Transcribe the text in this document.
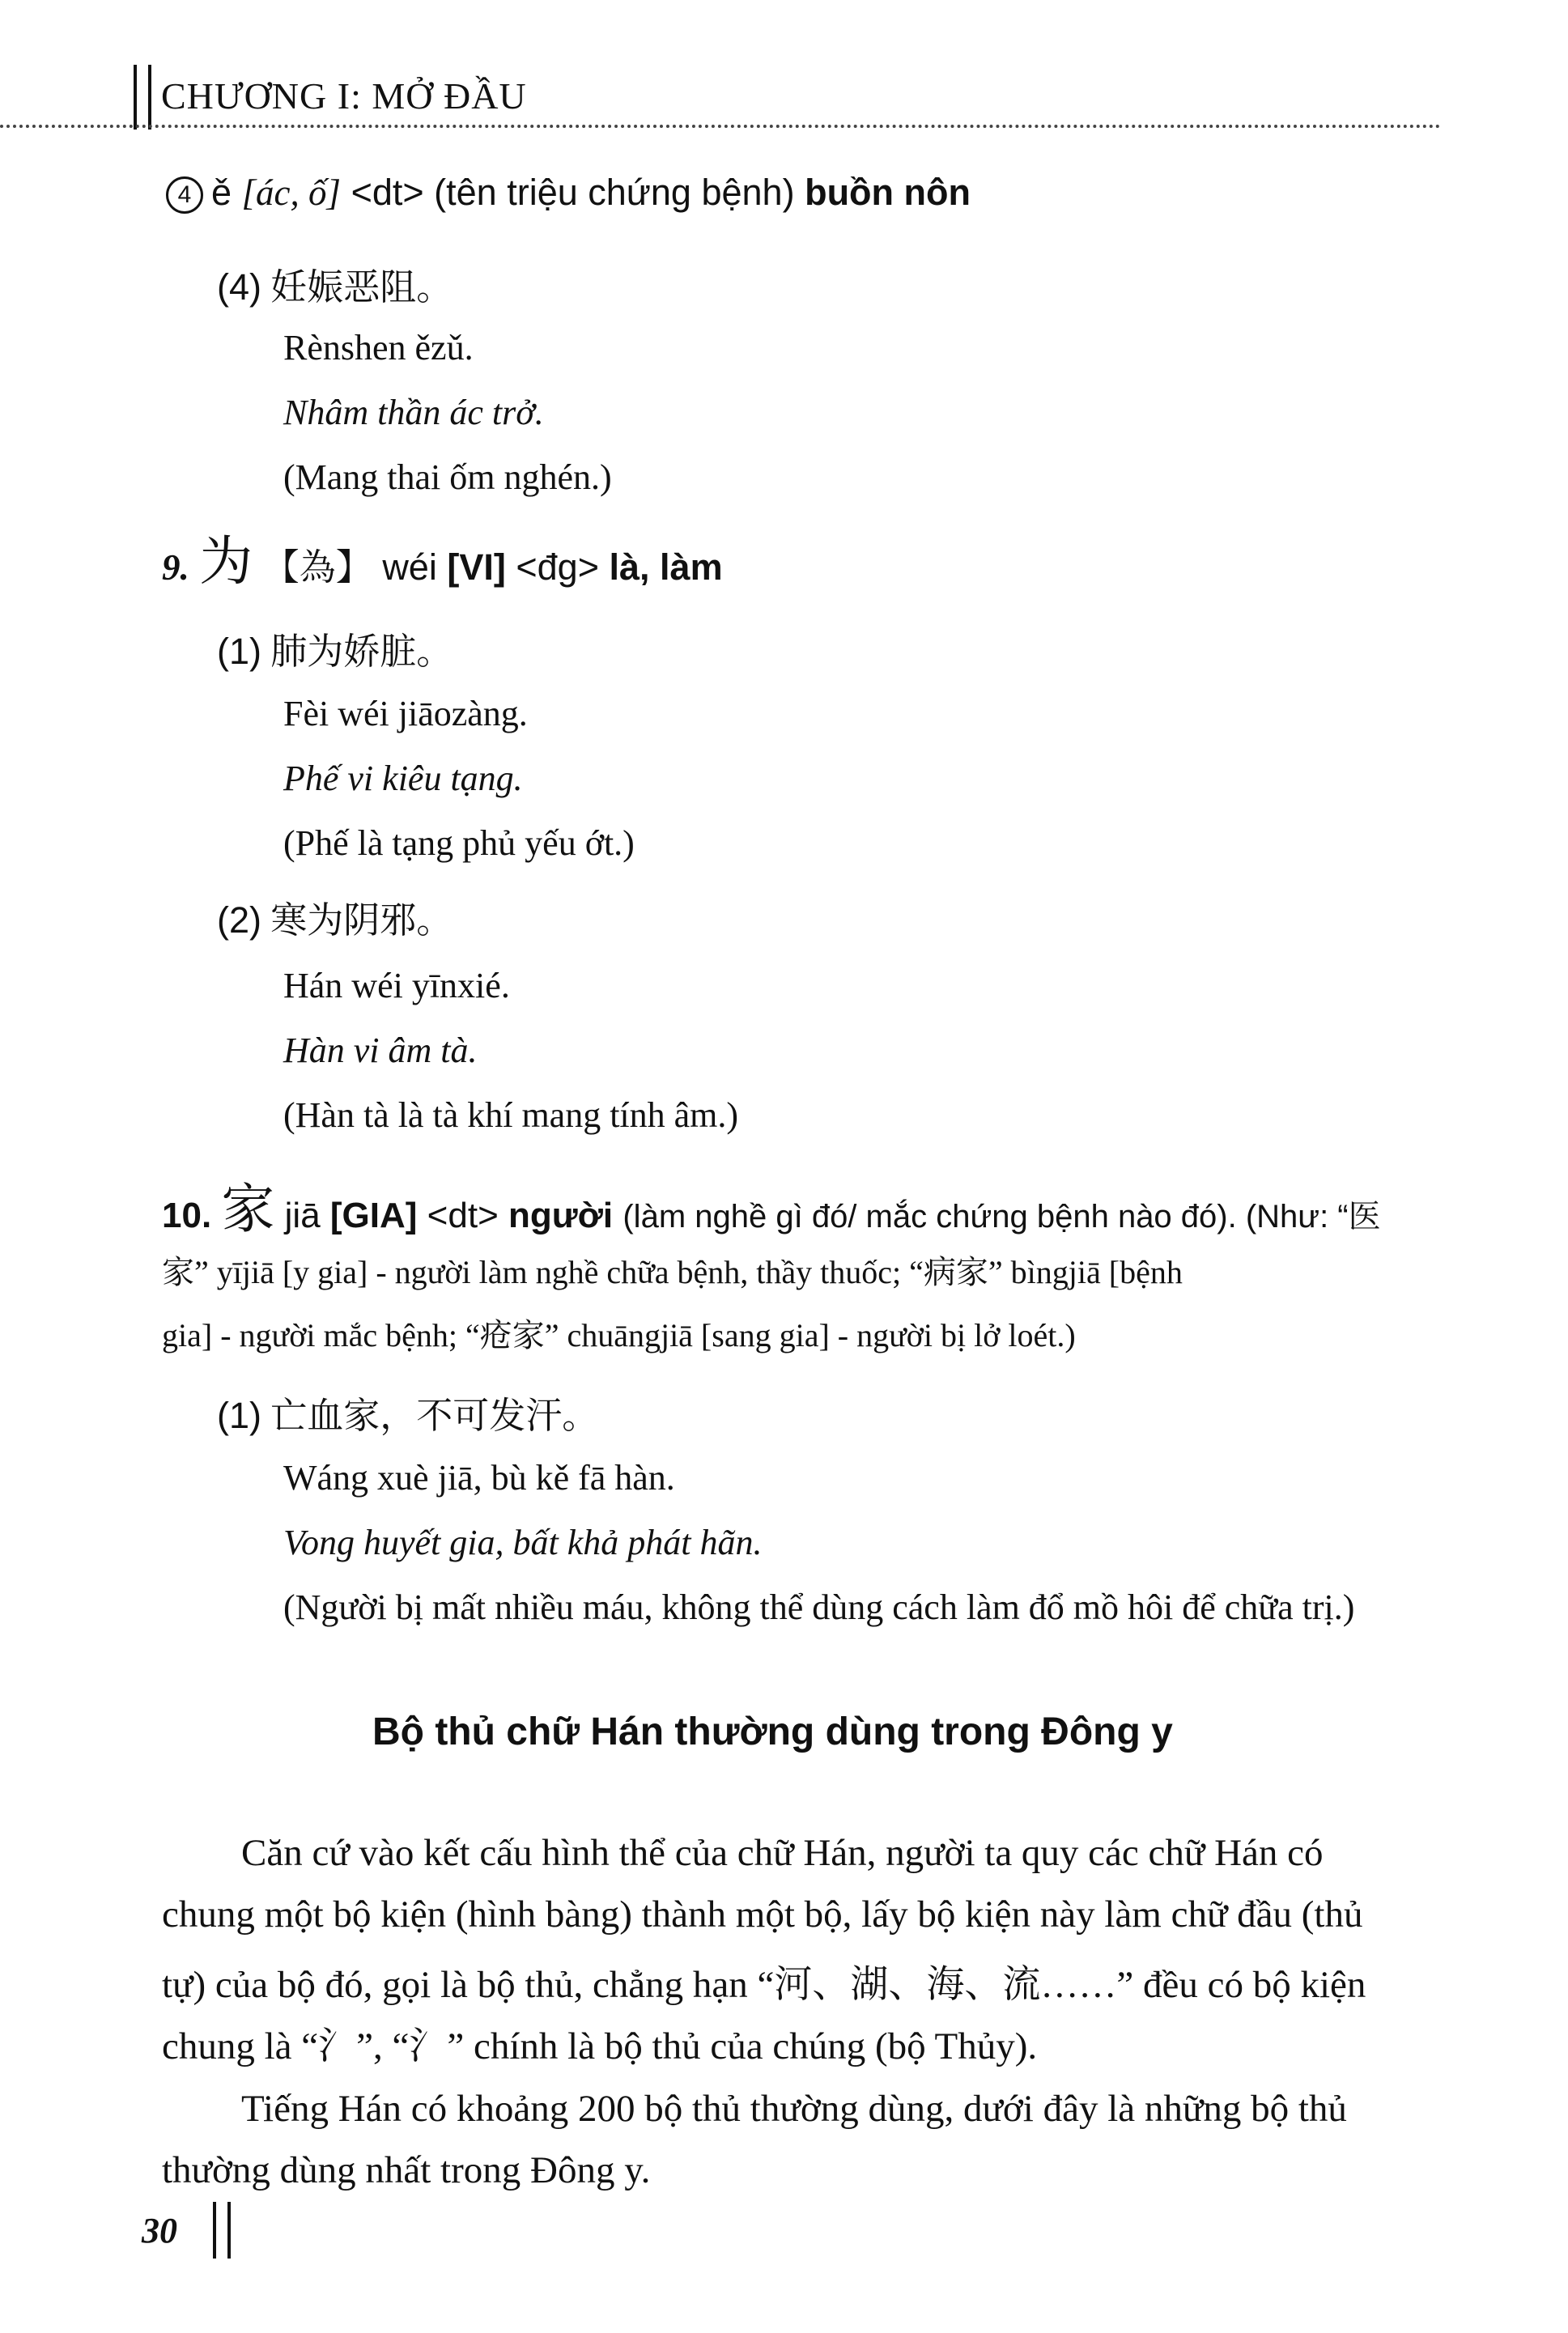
CHƯƠNG I: MỞ ĐẦU
4 ě [ác, ố] <dt> (tên triệu chứng bệnh) buồn nôn
(4) 妊娠恶阻。
Rènshen ězǔ.
Nhâm thần ác trở.
(Mang thai ốm nghén.)
9. 为 【為】 wéi [VI] <đg> là, làm
(1) 肺为娇脏。
Fèi wéi jiāozàng.
Phế vi kiêu tạng.
(Phế là tạng phủ yếu ớt.)
(2) 寒为阴邪。
Hán wéi yīnxié.
Hàn vi âm tà.
(Hàn tà là tà khí mang tính âm.)
10. 家 jiā [GIA] <dt> người (làm nghề gì đó/ mắc chứng bệnh nào đó). (Như: “医
家” yījiā [y gia] - người làm nghề chữa bệnh, thầy thuốc; “病家” bìngjiā [bệnh
gia] - người mắc bệnh; “疮家” chuāngjiā [sang gia] - người bị lở loét.)
(1) 亡血家，不可发汗。
Wáng xuè jiā, bù kě fā hàn.
Vong huyết gia, bất khả phát hãn.
(Người bị mất nhiều máu, không thể dùng cách làm đổ mồ hôi để chữa trị.)
Bộ thủ chữ Hán thường dùng trong Đông y
Căn cứ vào kết cấu hình thể của chữ Hán, người ta quy các chữ Hán có
chung một bộ kiện (hình bàng) thành một bộ, lấy bộ kiện này làm chữ đầu (thủ
tự) của bộ đó, gọi là bộ thủ, chẳng hạn “河、湖、海、流……” đều có bộ kiện
chung là “氵”, “氵” chính là bộ thủ của chúng (bộ Thủy).
Tiếng Hán có khoảng 200 bộ thủ thường dùng, dưới đây là những bộ thủ
thường dùng nhất trong Đông y.
30
